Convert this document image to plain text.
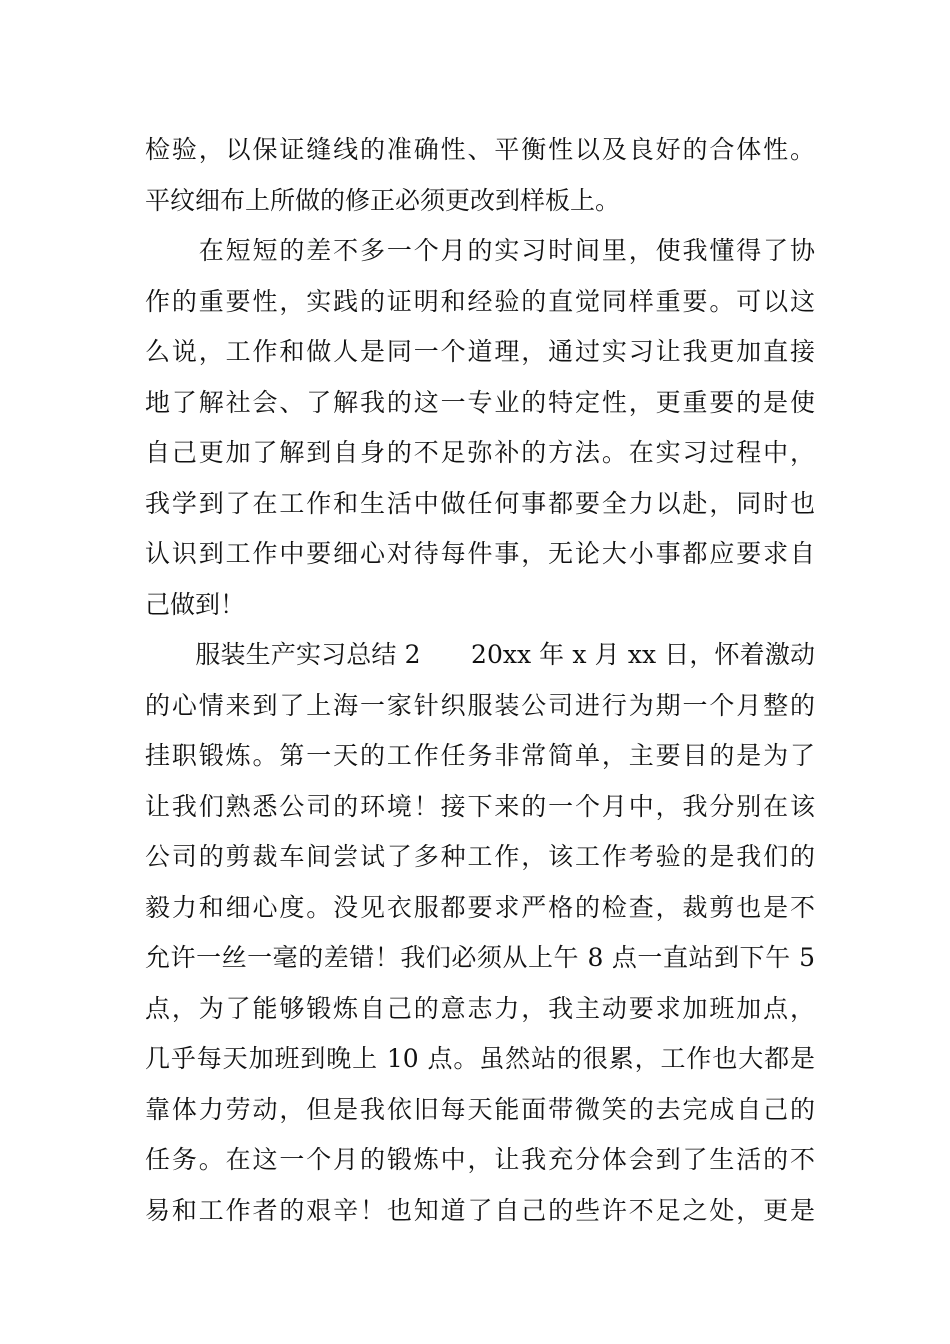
检验，以保证缝线的准确性、平衡性以及良好的合体性。
平纹细布上所做的修正必须更改到样板上。
　　在短短的差不多一个月的实习时间里，使我懂得了协
作的重要性，实践的证明和经验的直觉同样重要。可以这
么说，工作和做人是同一个道理，通过实习让我更加直接
地了解社会、了解我的这一专业的特定性，更重要的是使
自己更加了解到自身的不足弥补的方法。在实习过程中，
我学到了在工作和生活中做任何事都要全力以赴，同时也
认识到工作中要细心对待每件事，无论大小事都应要求自
己做到！
　　服装生产实习总结 2　　20xx 年 x 月 xx 日，怀着激动
的心情来到了上海一家针织服装公司进行为期一个月整的
挂职锻炼。第一天的工作任务非常简单，主要目的是为了
让我们熟悉公司的环境！接下来的一个月中，我分别在该
公司的剪裁车间尝试了多种工作，该工作考验的是我们的
毅力和细心度。没见衣服都要求严格的检查，裁剪也是不
允许一丝一毫的差错！我们必须从上午 8 点一直站到下午 5
点，为了能够锻炼自己的意志力，我主动要求加班加点，
几乎每天加班到晚上 10 点。虽然站的很累，工作也大都是
靠体力劳动，但是我依旧每天能面带微笑的去完成自己的
任务。在这一个月的锻炼中，让我充分体会到了生活的不
易和工作者的艰辛！也知道了自己的些许不足之处，更是
